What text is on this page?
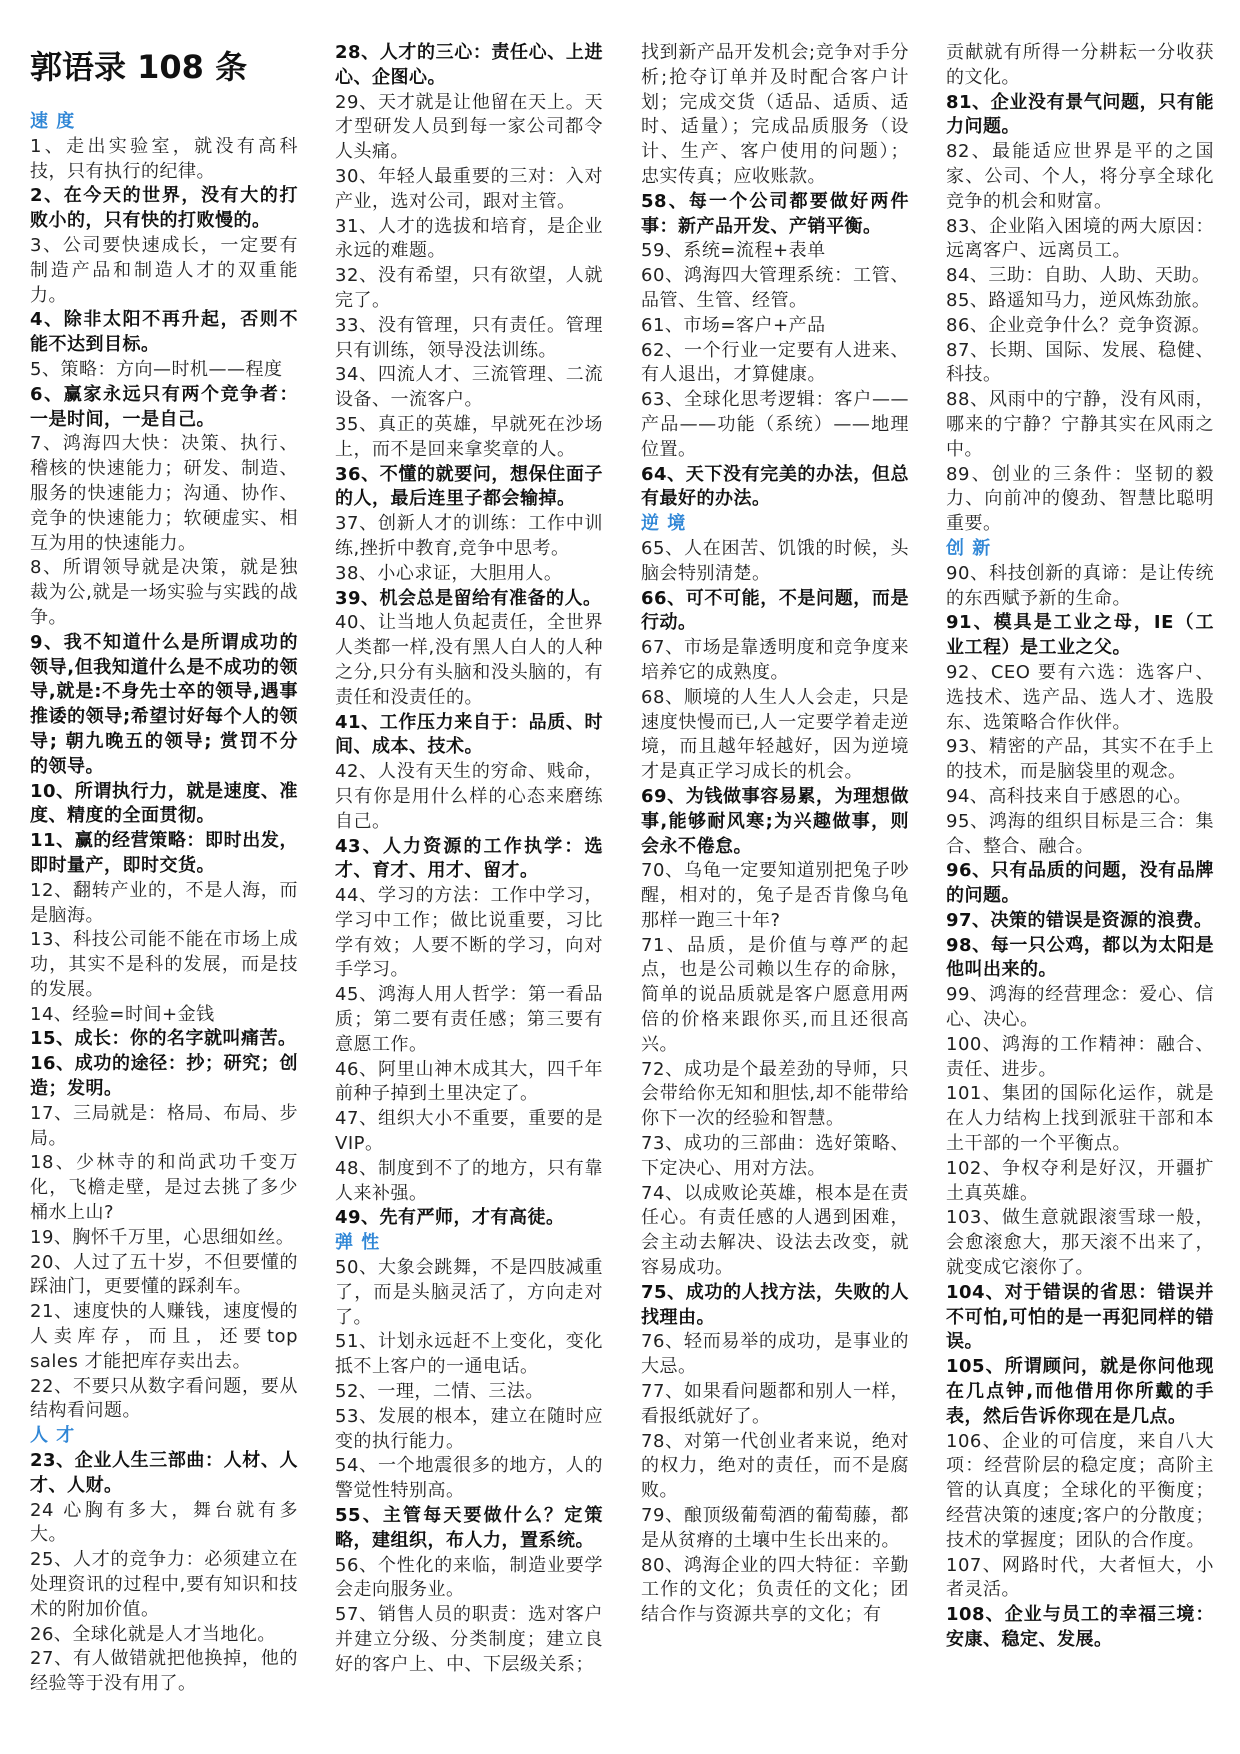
郭语录 108 条

速 度

1、走出实验室，就没有高科技，只有执行的纪律。

2、在今天的世界，没有大的打败小的，只有快的打败慢的。

3、公司要快速成长，一定要有制造产品和制造人才的双重能力。

4、除非太阳不再升起，否则不能不达到目标。

5、策略：方向—时机——程度

6、赢家永远只有两个竞争者：一是时间，一是自己。

7、鸿海四大快：决策、执行、稽核的快速能力；研发、制造、服务的快速能力；沟通、协作、竞争的快速能力；软硬虚实、相互为用的快速能力。

8、所谓领导就是决策，就是独裁为公,就是一场实验与实践的战争。

9、我不知道什么是所谓成功的领导,但我知道什么是不成功的领导,就是:不身先士卒的领导,遇事推诿的领导;希望讨好每个人的领导; 朝九晚五的领导; 赏罚不分的领导。

10、所谓执行力，就是速度、准度、精度的全面贯彻。

11、赢的经营策略：即时出发，即时量产，即时交货。

12、翻转产业的，不是人海，而是脑海。

13、科技公司能不能在市场上成功，其实不是科的发展，而是技的发展。

14、经验=时间+金钱

15、成长：你的名字就叫痛苦。

16、成功的途径：抄；研究；创造；发明。

17、三局就是：格局、布局、步局。

18、少林寺的和尚武功千变万化，飞檐走壁，是过去挑了多少桶水上山?

19、胸怀千万里，心思细如丝。

20、人过了五十岁，不但要懂的踩油门，更要懂的踩刹车。

21、速度快的人赚钱，速度慢的人卖库存，而且，还要top sales 才能把库存卖出去。

22、不要只从数字看问题，要从结构看问题。

人 才

23、企业人生三部曲：人材、人才、人财。

24 心胸有多大，舞台就有多大。

25、人才的竞争力：必须建立在处理资讯的过程中,要有知识和技术的附加价值。

26、全球化就是人才当地化。

27、有人做错就把他换掉，他的经验等于没有用了。

28、人才的三心：责任心、上进心、企图心。

29、天才就是让他留在天上。天才型研发人员到每一家公司都令人头痛。

30、年轻人最重要的三对：入对产业，选对公司，跟对主管。

31、人才的选拔和培育，是企业永远的难题。

32、没有希望，只有欲望，人就完了。

33、没有管理，只有责任。管理只有训练，领导没法训练。

34、四流人才、三流管理、二流设备、一流客户。

35、真正的英雄，早就死在沙场上，而不是回来拿奖章的人。

36、不懂的就要问，想保住面子的人，最后连里子都会输掉。

37、创新人才的训练：工作中训练,挫折中教育,竞争中思考。

38、小心求证，大胆用人。

39、机会总是留给有准备的人。

40、让当地人负起责任，全世界人类都一样,没有黑人白人的人种之分,只分有头脑和没头脑的，有责任和没责任的。

41、工作压力来自于：品质、时间、成本、技术。

42、人没有天生的穷命、贱命，只有你是用什么样的心态来磨练自己。

43、人力资源的工作执学：选才、育才、用才、留才。

44、学习的方法：工作中学习，学习中工作；做比说重要，习比学有效；人要不断的学习，向对手学习。

45、鸿海人用人哲学：第一看品质；第二要有责任感；第三要有意愿工作。

46、阿里山神木成其大，四千年前种子掉到土里决定了。

47、组织大小不重要，重要的是 VIP。

48、制度到不了的地方，只有靠人来补强。

49、先有严师，才有高徒。

弹 性

50、大象会跳舞，不是四肢减重了，而是头脑灵活了，方向走对了。

51、计划永远赶不上变化，变化抵不上客户的一通电话。

52、一理，二情、三法。

53、发展的根本，建立在随时应变的执行能力。

54、一个地震很多的地方，人的警觉性特别高。

55、主管每天要做什么？定策略，建组织，布人力，置系统。

56、个性化的来临，制造业要学会走向服务业。

57、销售人员的职责：选对客户并建立分级、分类制度；建立良好的客户上、中、下层级关系；

找到新产品开发机会;竞争对手分析;抢夺订单并及时配合客户计划；完成交货（适品、适质、适时、适量）；完成品质服务（设计、生产、客户使用的问题）；忠实传真；应收账款。

58、每一个公司都要做好两件事：新产品开发、产销平衡。

59、系统=流程+表单

60、鸿海四大管理系统：工管、品管、生管、经管。

61、市场=客户+产品

62、一个行业一定要有人进来、有人退出，才算健康。

63、全球化思考逻辑：客户——产品——功能（系统）——地理位置。

64、天下没有完美的办法，但总有最好的办法。

逆 境

65、人在困苦、饥饿的时候，头脑会特别清楚。

66、可不可能，不是问题，而是行动。

67、市场是靠透明度和竞争度来培养它的成熟度。

68、顺境的人生人人会走，只是速度快慢而已,人一定要学着走逆境，而且越年轻越好，因为逆境才是真正学习成长的机会。

69、为钱做事容易累，为理想做事,能够耐风寒;为兴趣做事，则会永不倦怠。

70、乌龟一定要知道别把兔子吵醒，相对的，兔子是否肯像乌龟那样一跑三十年?

71、品质，是价值与尊严的起点，也是公司赖以生存的命脉，简单的说品质就是客户愿意用两倍的价格来跟你买,而且还很高兴。

72、成功是个最差劲的导师，只会带给你无知和胆怯,却不能带给你下一次的经验和智慧。

73、成功的三部曲：选好策略、下定决心、用对方法。

74、以成败论英雄，根本是在责任心。有责任感的人遇到困难，会主动去解决、设法去改变，就容易成功。

75、成功的人找方法，失败的人找理由。

76、轻而易举的成功，是事业的大忌。

77、如果看问题都和别人一样，看报纸就好了。

78、对第一代创业者来说，绝对的权力，绝对的责任，而不是腐败。

79、酿顶级葡萄酒的葡萄藤，都是从贫瘠的土壤中生长出来的。

80、鸿海企业的四大特征：辛勤工作的文化；负责任的文化；团结合作与资源共享的文化；有

贡献就有所得一分耕耘一分收获的文化。

81、企业没有景气问题，只有能力问题。

82、最能适应世界是平的之国家、公司、个人，将分享全球化竞争的机会和财富。

83、企业陷入困境的两大原因：远离客户、远离员工。

84、三助：自助、人助、天助。

85、路遥知马力，逆风炼劲旅。

86、企业竞争什么？竞争资源。

87、长期、国际、发展、稳健、科技。

88、风雨中的宁静，没有风雨，哪来的宁静？宁静其实在风雨之中。

89、创业的三条件：坚韧的毅力、向前冲的傻劲、智慧比聪明重要。

创 新

90、科技创新的真谛：是让传统的东西赋予新的生命。

91、模具是工业之母，IE（工业工程）是工业之父。

92、CEO 要有六选：选客户、选技术、选产品、选人才、选股东、选策略合作伙伴。

93、精密的产品，其实不在手上的技术，而是脑袋里的观念。

94、高科技来自于感恩的心。

95、鸿海的组织目标是三合：集合、整合、融合。

96、只有品质的问题，没有品牌的问题。

97、决策的错误是资源的浪费。

98、每一只公鸡，都以为太阳是他叫出来的。

99、鸿海的经营理念：爱心、信心、决心。

100、鸿海的工作精神：融合、责任、进步。

101、集团的国际化运作，就是在人力结构上找到派驻干部和本土干部的一个平衡点。

102、争权夺利是好汉，开疆扩土真英雄。

103、做生意就跟滚雪球一般，会愈滚愈大，那天滚不出来了，就变成它滚你了。

104、对于错误的省思：错误并不可怕,可怕的是一再犯同样的错误。

105、所谓顾问，就是你问他现在几点钟,而他借用你所戴的手表，然后告诉你现在是几点。

106、企业的可信度，来自八大项：经营阶层的稳定度；高阶主管的认真度；全球化的平衡度；经营决策的速度;客户的分散度；技术的掌握度；团队的合作度。

107、网路时代，大者恒大，小者灵活。

108、企业与员工的幸福三境：安康、稳定、发展。
